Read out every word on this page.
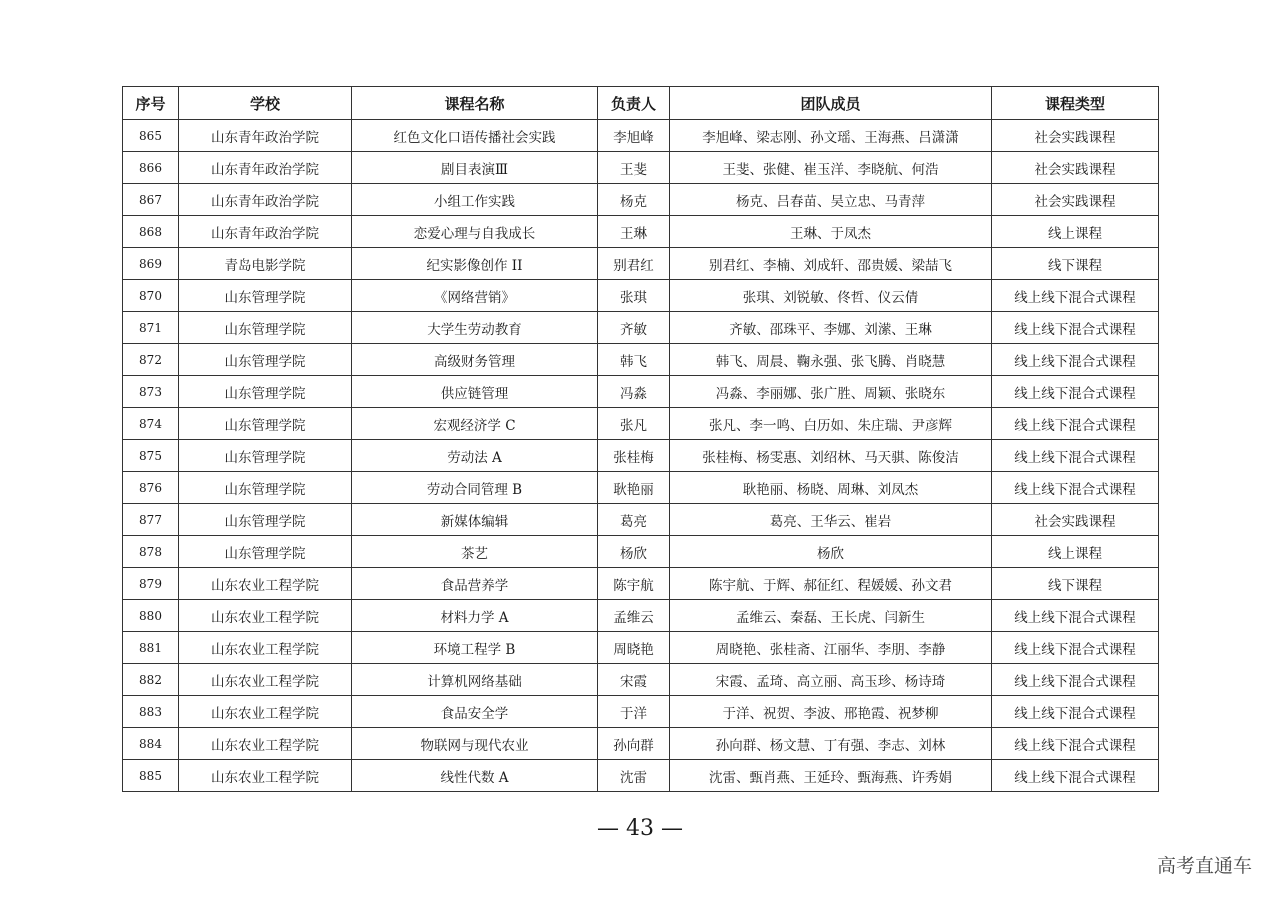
序号	学校	课程名称	负责人	团队成员	课程类型
865	山东青年政治学院	红色文化口语传播社会实践	李旭峰	李旭峰、梁志刚、孙文瑶、王海燕、吕潇潇	社会实践课程
866	山东青年政治学院	剧目表演Ⅲ	王斐	王斐、张健、崔玉洋、李晓航、何浩	社会实践课程
867	山东青年政治学院	小组工作实践	杨克	杨克、吕春苗、吴立忠、马青萍	社会实践课程
868	山东青年政治学院	恋爱心理与自我成长	王琳	王琳、于凤杰	线上课程
869	青岛电影学院	纪实影像创作 II	别君红	别君红、李楠、刘成轩、邵贵媛、梁喆飞	线下课程
870	山东管理学院	《网络营销》	张琪	张琪、刘锐敏、佟哲、仪云倩	线上线下混合式课程
871	山东管理学院	大学生劳动教育	齐敏	齐敏、邵珠平、李娜、刘潆、王琳	线上线下混合式课程
872	山东管理学院	高级财务管理	韩飞	韩飞、周晨、鞠永强、张飞腾、肖晓慧	线上线下混合式课程
873	山东管理学院	供应链管理	冯淼	冯淼、李丽娜、张广胜、周颖、张晓东	线上线下混合式课程
874	山东管理学院	宏观经济学 C	张凡	张凡、李一鸣、白历如、朱庄瑞、尹彦辉	线上线下混合式课程
875	山东管理学院	劳动法 A	张桂梅	张桂梅、杨雯惠、刘绍林、马天骐、陈俊洁	线上线下混合式课程
876	山东管理学院	劳动合同管理 B	耿艳丽	耿艳丽、杨晓、周琳、刘凤杰	线上线下混合式课程
877	山东管理学院	新媒体编辑	葛亮	葛亮、王华云、崔岩	社会实践课程
878	山东管理学院	茶艺	杨欣	杨欣	线上课程
879	山东农业工程学院	食品营养学	陈宇航	陈宇航、于辉、郝征红、程媛媛、孙文君	线下课程
880	山东农业工程学院	材料力学 A	孟维云	孟维云、秦磊、王长虎、闫新生	线上线下混合式课程
881	山东农业工程学院	环境工程学 B	周晓艳	周晓艳、张桂斋、江丽华、李朋、李静	线上线下混合式课程
882	山东农业工程学院	计算机网络基础	宋霞	宋霞、孟琦、高立丽、高玉珍、杨诗琦	线上线下混合式课程
883	山东农业工程学院	食品安全学	于洋	于洋、祝贺、李波、邢艳霞、祝梦柳	线上线下混合式课程
884	山东农业工程学院	物联网与现代农业	孙向群	孙向群、杨文慧、丁有强、李志、刘林	线上线下混合式课程
885	山东农业工程学院	线性代数 A	沈雷	沈雷、甄肖燕、王延玲、甄海燕、许秀娟	线上线下混合式课程
— 43 —
高考直通车
